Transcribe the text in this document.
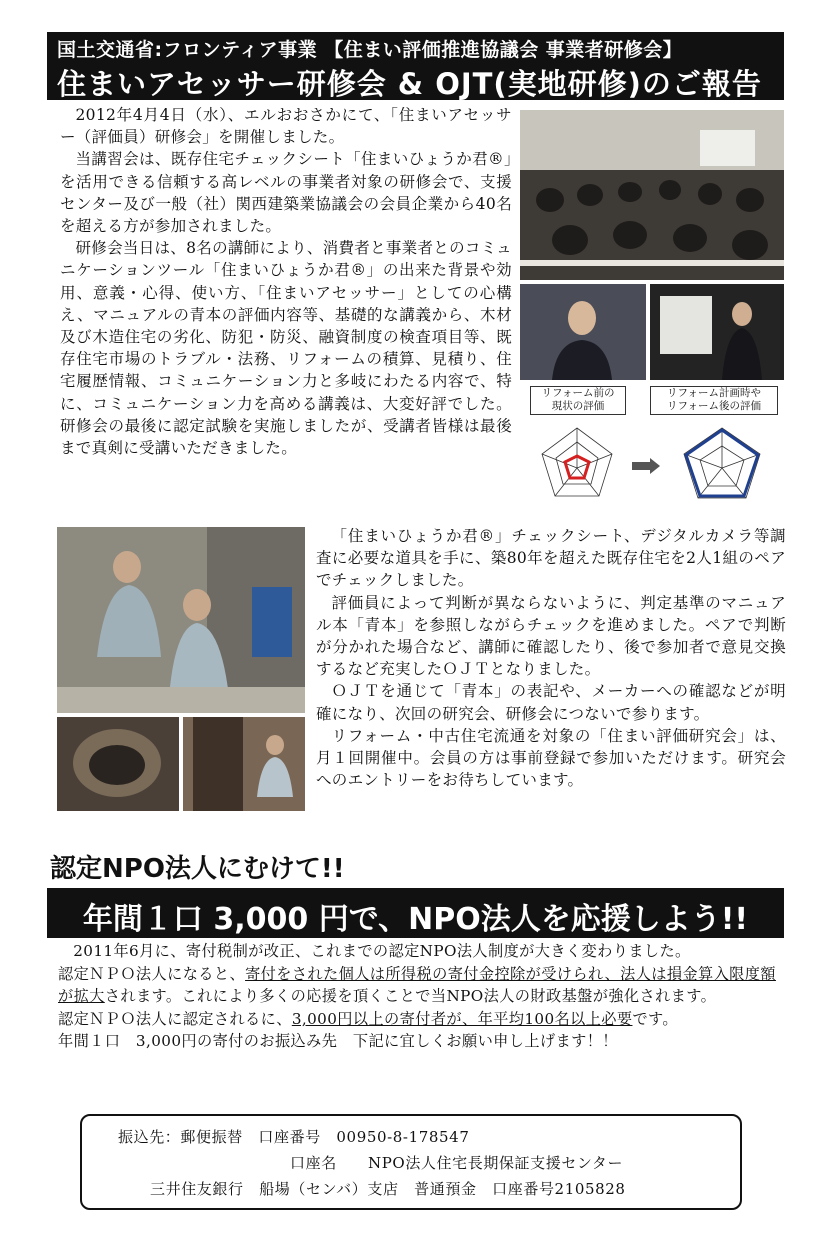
国土交通省:フロンティア事業 【住まい評価推進協議会 事業者研修会】
住まいアセッサー研修会 & OJT(実地研修)のご報告

2012年4月4日（水）、エルおおさかにて、「住まいアセッサー（評価員）研修会」を開催しました。

当講習会は、既存住宅チェックシート「住まいひょうか君®」を活用できる信頼する高レベルの事業者対象の研修会で、支援センター及び一般（社）関西建築業協議会の会員企業から40名を超える方が参加されました。

研修会当日は、8名の講師により、消費者と事業者とのコミュニケーションツール「住まいひょうか君®」の出来た背景や効用、意義・心得、使い方、「住まいアセッサー」としての心構え、マニュアルの青本の評価内容等、基礎的な講義から、木材及び木造住宅の劣化、防犯・防災、融資制度の検査項目等、既存住宅市場のトラブル・法務、リフォームの積算、見積り、住宅履歴情報、コミュニケーション力と多岐にわたる内容で、特に、コミュニケーション力を高める講義は、大変好評でした。研修会の最後に認定試験を実施しましたが、受講者皆様は最後まで真剣に受講いただきました。

リフォーム前の
現状の評価
リフォーム計画時や
リフォーム後の評価

「住まいひょうか君®」チェックシート、デジタルカメラ等調査に必要な道具を手に、築80年を超えた既存住宅を2人1組のペアでチェックしました。

評価員によって判断が異ならないように、判定基準のマニュアル本「青本」を参照しながらチェックを進めました。ペアで判断が分かれた場合など、講師に確認したり、後で参加者で意見交換するなど充実したＯＪＴとなりました。

ＯＪＴを通じて「青本」の表記や、メーカーへの確認などが明確になり、次回の研究会、研修会につないで参ります。

リフォーム・中古住宅流通を対象の「住まい評価研究会」は、月１回開催中。会員の方は事前登録で参加いただけます。研究会へのエントリーをお待ちしています。

認定NPO法人にむけて!!
年間１口 3,000 円で、NPO法人を応援しよう!!

2011年6月に、寄付税制が改正、これまでの認定NPO法人制度が大きく変わりました。

認定ＮＰＯ法人になると、寄付をされた個人は所得税の寄付金控除が受けられ、法人は損金算入限度額が拡大されます。これにより多くの応援を頂くことで当NPO法人の財政基盤が強化されます。

認定ＮＰＯ法人に認定されるに、3,000円以上の寄付者が、年平均100名以上必要です。

年間１口　3,000円の寄付のお振込み先　下記に宜しくお願い申し上げます！！

振込先：郵便振替　口座番号　00950-8-178547
口座名　　NPO法人住宅長期保証支援センター
三井住友銀行　船場（センバ）支店　普通預金　口座番号2105828
